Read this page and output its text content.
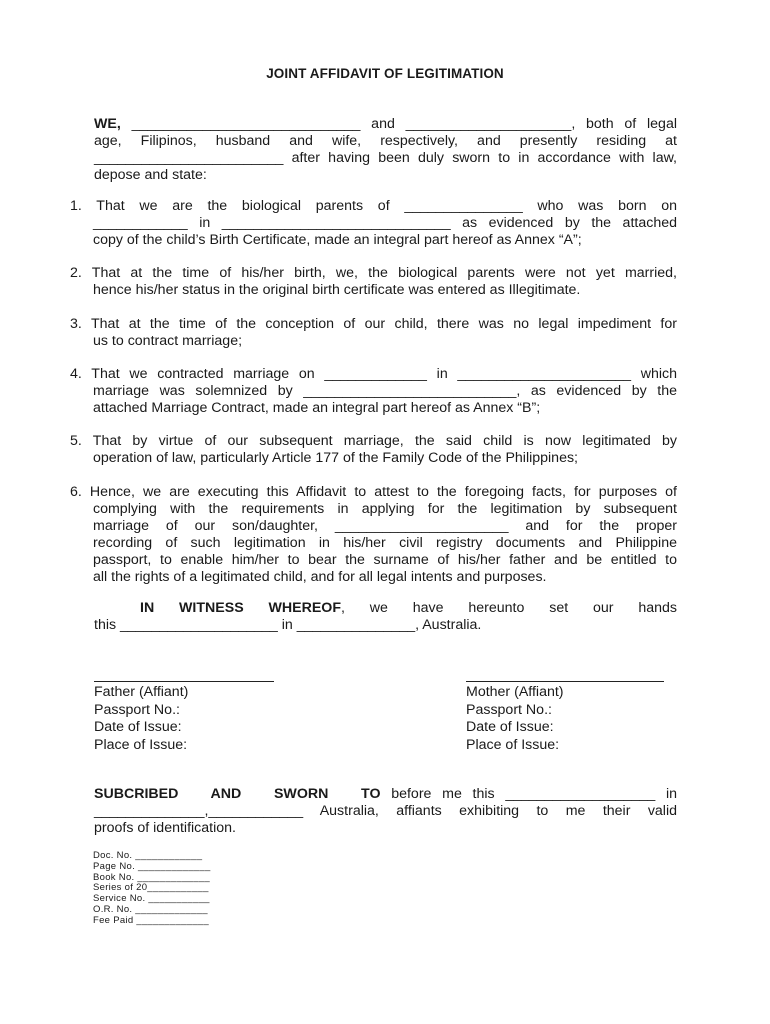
JOINT AFFIDAVIT OF LEGITIMATION
WE, _____________________________ and _____________________, both of legal
age, Filipinos, husband and wife, respectively, and presently residing at
________________________ after having been duly sworn to in accordance with law,
depose and state:
1. That we are the biological parents of _______________ who was born on
____________ in _____________________________ as evidenced by the attached
copy of the child’s Birth Certificate, made an integral part hereof as Annex “A”;
2. That at the time of his/her birth, we, the biological parents were not yet married,
hence his/her status in the original birth certificate was entered as Illegitimate.
3. That at the time of the conception of our child, there was no legal impediment for
us to contract marriage;
4. That we contracted marriage on _____________ in ______________________ which
marriage was solemnized by ___________________________, as evidenced by the
attached Marriage Contract, made an integral part hereof as Annex “B”;
5. That by virtue of our subsequent marriage, the said child is now legitimated by
operation of law, particularly Article 177 of the Family Code of the Philippines;
6. Hence, we are executing this Affidavit to attest to the foregoing facts, for purposes of
complying with the requirements in applying for the legitimation by subsequent
marriage of our son/daughter, ______________________ and for the proper
recording of such legitimation in his/her civil registry documents and Philippine
passport, to enable him/her to bear the surname of his/her father and be entitled to
all the rights of a legitimated child, and for all legal intents and purposes.
IN WITNESS WHEREOF, we have hereunto set our hands
this ____________________ in _______________, Australia.
Father (Affiant)
Passport No.:
Date of Issue:
Place of Issue:
Mother (Affiant)
Passport No.:
Date of Issue:
Place of Issue:
SUBCRIBED AND SWORN TO before me this ___________________ in
______________,____________ Australia, affiants exhibiting to me their valid
proofs of identification.
Doc. No. ____________
Page No. _____________
Book No. _____________
Series of 20___________
Service No. ___________
O.R. No. _____________
Fee Paid _____________
